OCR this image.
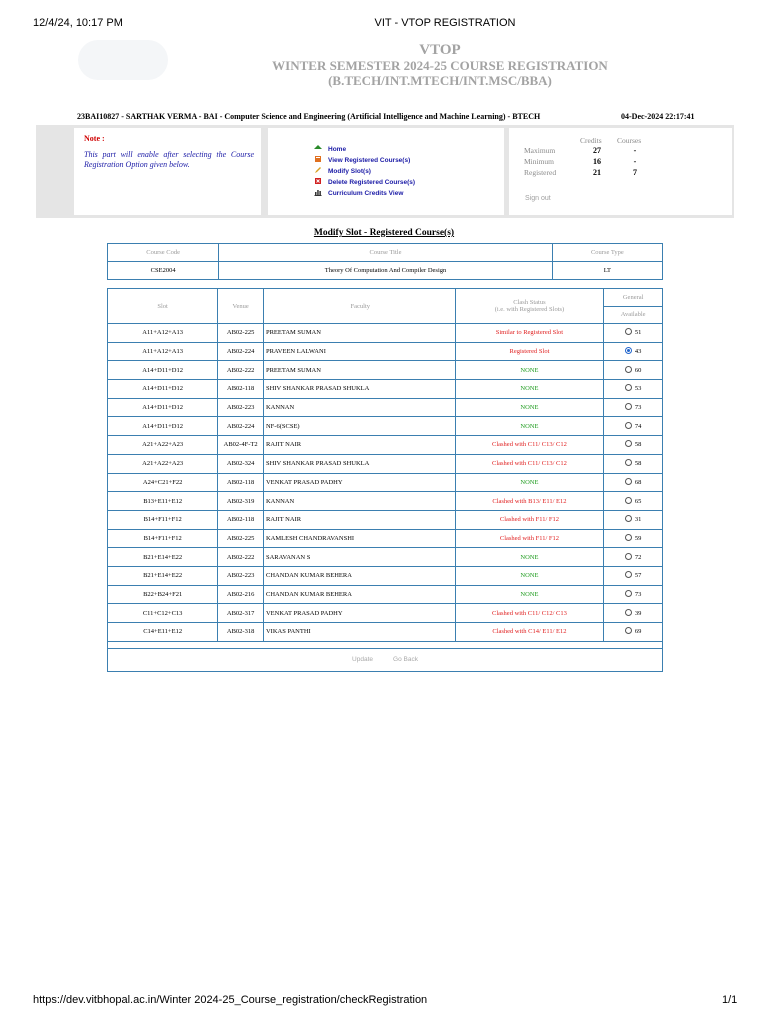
12/4/24, 10:17 PM	VIT - VTOP REGISTRATION
VTOP
WINTER SEMESTER 2024-25 COURSE REGISTRATION
(B.TECH/INT.MTECH/INT.MSC/BBA)
23BAI10827 - SARTHAK VERMA - BAI - Computer Science and Engineering (Artificial Intelligence and Machine Learning) - BTECH	04-Dec-2024 22:17:41
Note :
This part will enable after selecting the Course Registration Option given below.
Home
View Registered Course(s)
Modify Slot(s)
Delete Registered Course(s)
Curriculum Credits View
Credits Courses
Maximum	27	-
Minimum	16	-
Registered	21	7
Sign out
Modify Slot - Registered Course(s)
Course Code	Course Title	Course Type
CSE2004	Theory Of Computation And Compiler Design	LT
Slot	Venue	Faculty	Clash Status
(i.e. with Registered Slots)	General
				Available
A11+A12+A13	AB02-225	PREETAM SUMAN	Similar to Registered Slot	51
A11+A12+A13	AB02-224	PRAVEEN LALWANI	Registered Slot	43
A14+D11+D12	AB02-222	PREETAM SUMAN	NONE	60
A14+D11+D12	AB02-118	SHIV SHANKAR PRASAD SHUKLA	NONE	53
A14+D11+D12	AB02-223	KANNAN	NONE	73
A14+D11+D12	AB02-224	NF-6(SCSE)	NONE	74
A21+A22+A23	AB02-4F-T2	RAJIT NAIR	Clashed with C11/ C13/ C12	58
A21+A22+A23	AB02-324	SHIV SHANKAR PRASAD SHUKLA	Clashed with C11/ C13/ C12	58
A24+C21+F22	AB02-118	VENKAT PRASAD PADHY	NONE	68
B13+E11+E12	AB02-319	KANNAN	Clashed with B13/ E11/ E12	65
B14+F11+F12	AB02-118	RAJIT NAIR	Clashed with F11/ F12	31
B14+F11+F12	AB02-225	KAMLESH CHANDRAVANSHI	Clashed with F11/ F12	59
B21+E14+E22	AB02-222	SARAVANAN S	NONE	72
B21+E14+E22	AB02-223	CHANDAN KUMAR BEHERA	NONE	57
B22+B24+F21	AB02-216	CHANDAN KUMAR BEHERA	NONE	73
C11+C12+C13	AB02-317	VENKAT PRASAD PADHY	Clashed with C11/ C12/ C13	39
C14+E11+E12	AB02-318	VIKAS PANTHI	Clashed with C14/ E11/ E12	69

Update Go Back				
https://dev.vitbhopal.ac.in/Winter 2024-25_Course_registration/checkRegistration	1/1
